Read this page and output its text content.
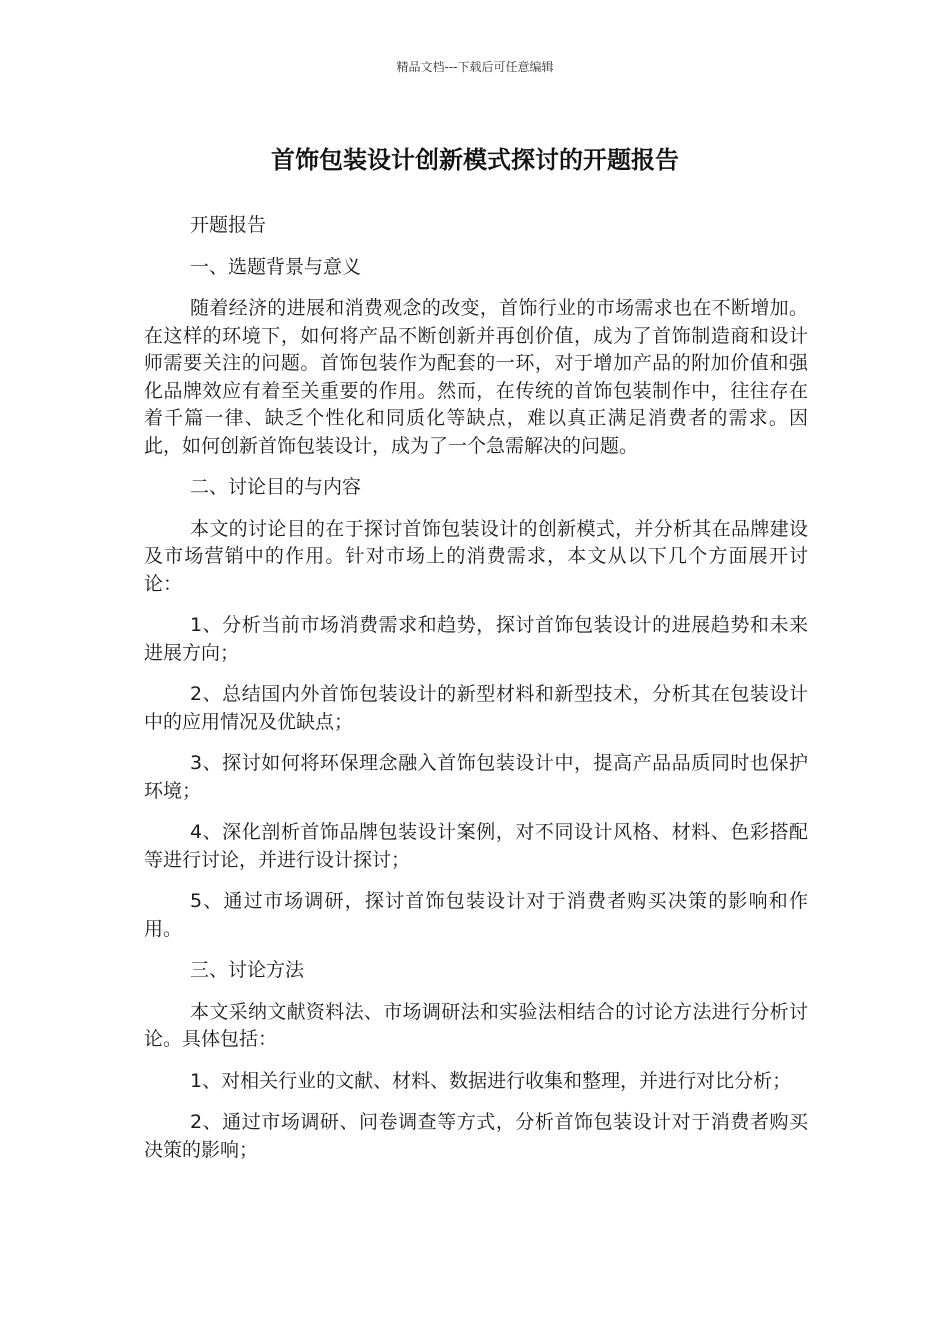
精品文档---下载后可任意编辑
首饰包装设计创新模式探讨的开题报告

开题报告

一、选题背景与意义

随着经济的进展和消费观念的改变，首饰行业的市场需求也在不断增加。在这样的环境下，如何将产品不断创新并再创价值，成为了首饰制造商和设计师需要关注的问题。首饰包装作为配套的一环，对于增加产品的附加价值和强化品牌效应有着至关重要的作用。然而，在传统的首饰包装制作中，往往存在着千篇一律、缺乏个性化和同质化等缺点，难以真正满足消费者的需求。因此，如何创新首饰包装设计，成为了一个急需解决的问题。

二、讨论目的与内容

本文的讨论目的在于探讨首饰包装设计的创新模式，并分析其在品牌建设及市场营销中的作用。针对市场上的消费需求，本文从以下几个方面展开讨论：

1、分析当前市场消费需求和趋势，探讨首饰包装设计的进展趋势和未来进展方向；

2、总结国内外首饰包装设计的新型材料和新型技术，分析其在包装设计中的应用情况及优缺点；

3、探讨如何将环保理念融入首饰包装设计中，提高产品品质同时也保护环境；

4、深化剖析首饰品牌包装设计案例，对不同设计风格、材料、色彩搭配等进行讨论，并进行设计探讨；

5、通过市场调研，探讨首饰包装设计对于消费者购买决策的影响和作用。

三、讨论方法

本文采纳文献资料法、市场调研法和实验法相结合的讨论方法进行分析讨论。具体包括：

1、对相关行业的文献、材料、数据进行收集和整理，并进行对比分析；

2、通过市场调研、问卷调查等方式，分析首饰包装设计对于消费者购买决策的影响；
